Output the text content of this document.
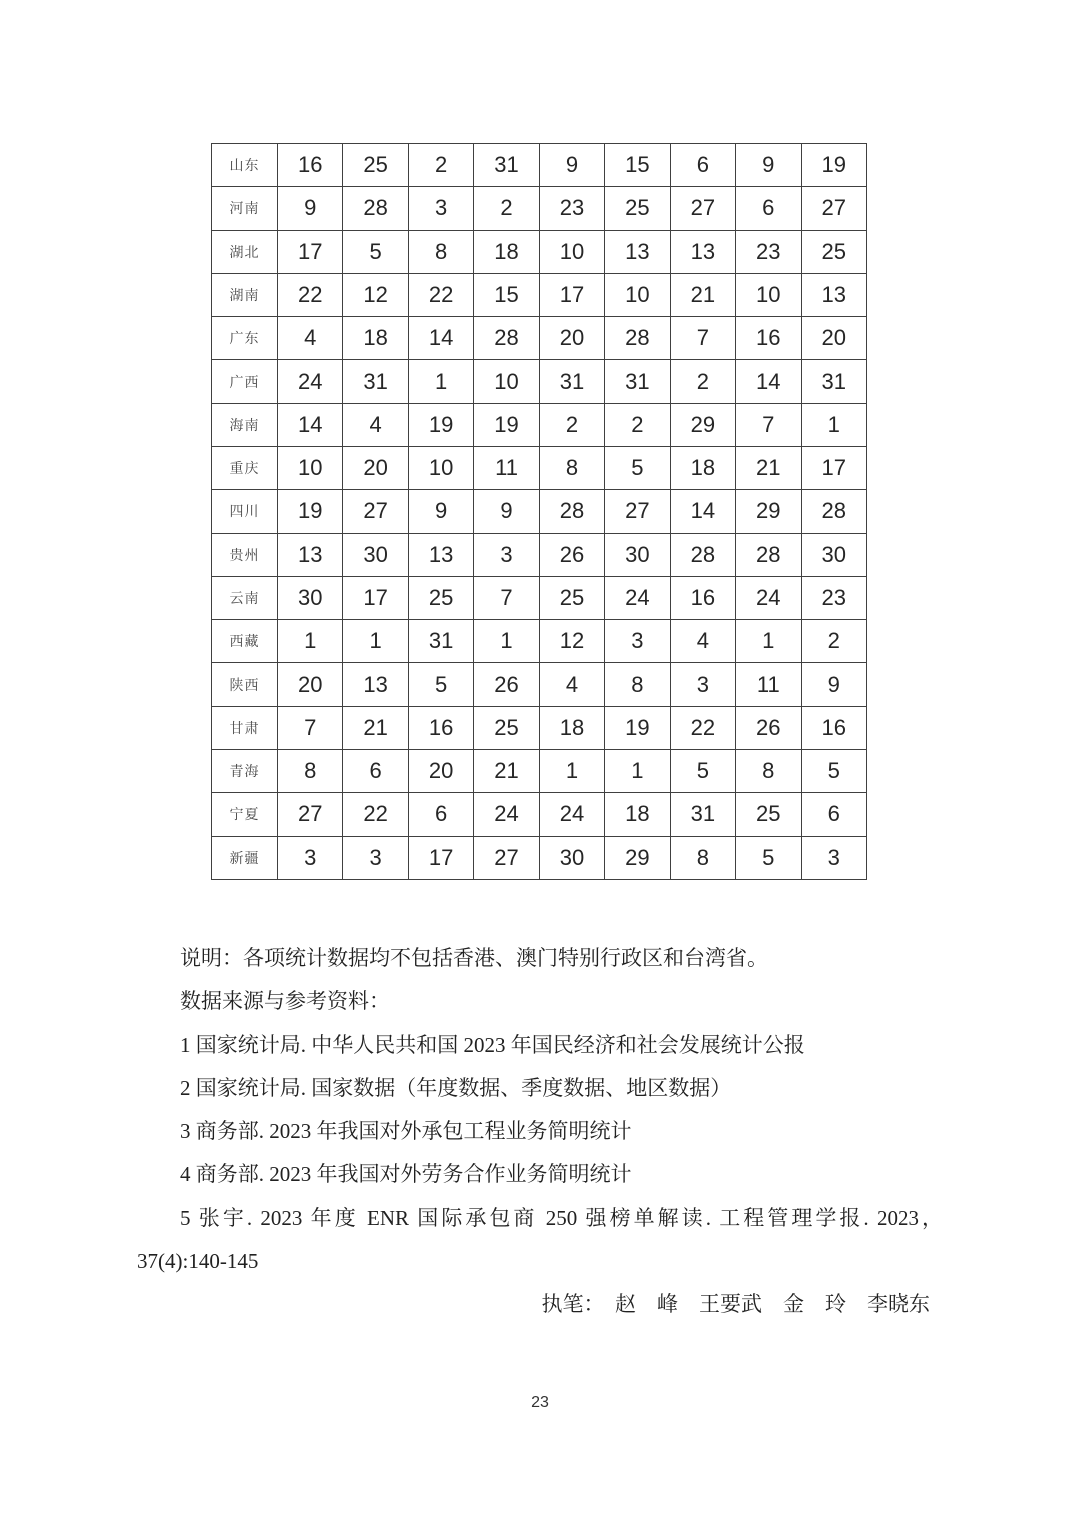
山东	16	25	2	31	9	15	6	9	19
河南	9	28	3	2	23	25	27	6	27
湖北	17	5	8	18	10	13	13	23	25
湖南	22	12	22	15	17	10	21	10	13
广东	4	18	14	28	20	28	7	16	20
广西	24	31	1	10	31	31	2	14	31
海南	14	4	19	19	2	2	29	7	1
重庆	10	20	10	11	8	5	18	21	17
四川	19	27	9	9	28	27	14	29	28
贵州	13	30	13	3	26	30	28	28	30
云南	30	17	25	7	25	24	16	24	23
西藏	1	1	31	1	12	3	4	1	2
陕西	20	13	5	26	4	8	3	11	9
甘肃	7	21	16	25	18	19	22	26	16
青海	8	6	20	21	1	1	5	8	5
宁夏	27	22	6	24	24	18	31	25	6
新疆	3	3	17	27	30	29	8	5	3

说明：各项统计数据均不包括香港、澳门特别行政区和台湾省。

数据来源与参考资料：

1 国家统计局. 中华人民共和国 2023 年国民经济和社会发展统计公报

2 国家统计局. 国家数据（年度数据、季度数据、地区数据）

3 商务部. 2023 年我国对外承包工程业务简明统计

4 商务部. 2023 年我国对外劳务合作业务简明统计

5 张宇. 2023 年度 ENR 国际承包商 250 强榜单解读. 工程管理学报. 2023，

37(4):140-145

执笔：　赵　峰　王要武　金　玲　李晓东

23
